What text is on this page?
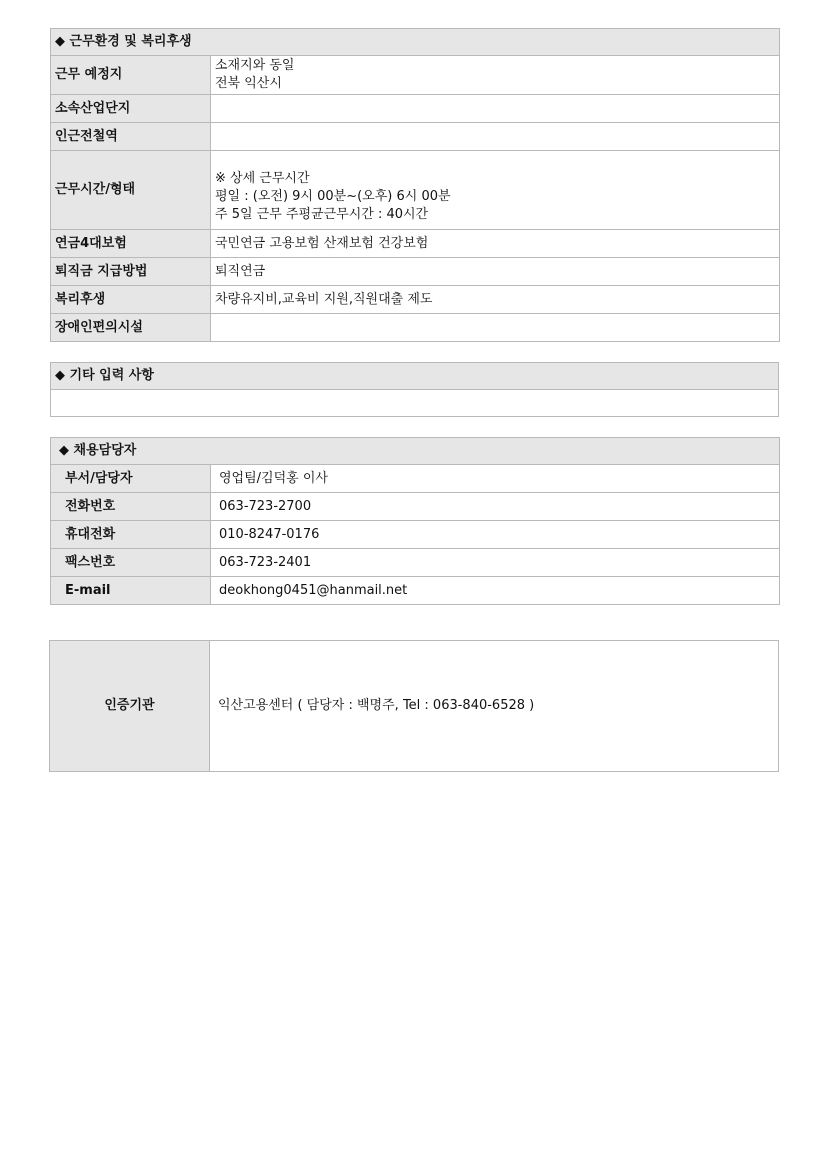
◆ 근무환경 및 복리후생	
근무 예정지	소재지와 동일
전북 익산시

소속산업단지	
인근전철역	
근무시간/형태	※ 상세 근무시간
평일 : (오전) 9시 00분~(오후) 6시 00분
주 5일 근무 주평균근무시간 : 40시간

연금4대보험	국민연금 고용보험 산재보험 건강보험
퇴직금 지급방법	퇴직연금
복리후생	차량유지비,교육비 지원,직원대출 제도
장애인편의시설	
◆ 기타 입력 사항

◆ 채용담당자	
부서/담당자	영업팀/김덕홍 이사
전화번호	063-723-2700
휴대전화	010-8247-0176
팩스번호	063-723-2401
E-mail	deokhong0451@hanmail.net
인증기관	익산고용센터 ( 담당자 : 백명주, Tel : 063-840-6528 )
